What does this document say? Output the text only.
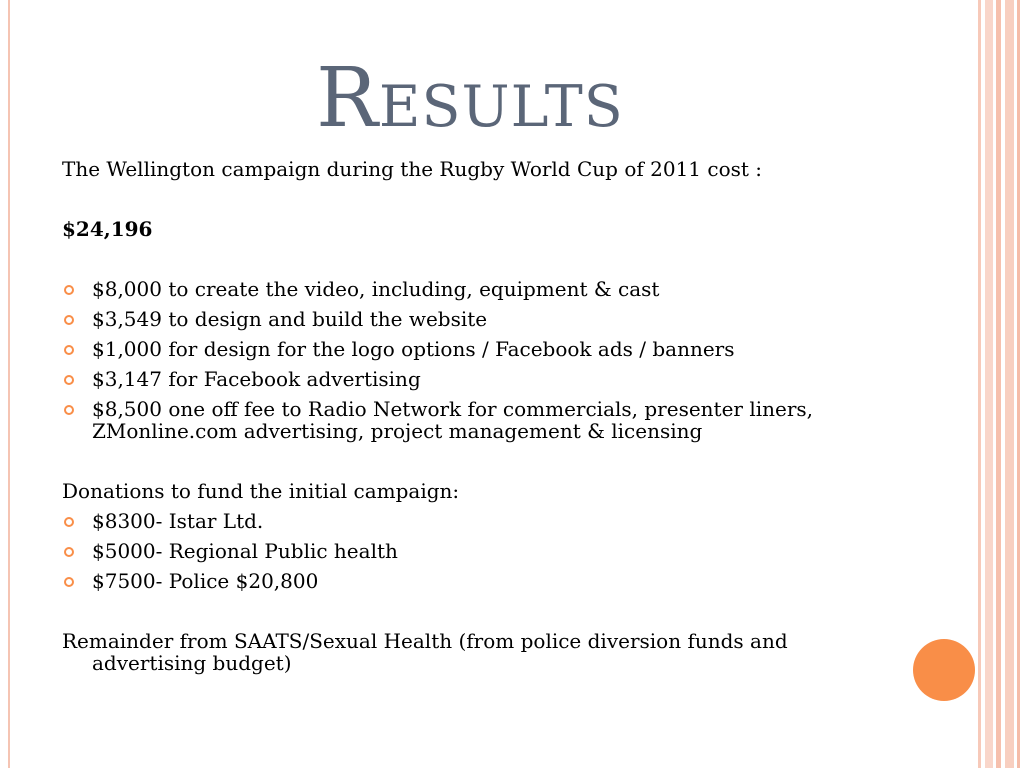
Results

The Wellington campaign during the Rugby World Cup of 2011 cost :

$24,196

$8,000 to create the video, including, equipment & cast
$3,549 to design and build the website
$1,000 for design for the logo options / Facebook ads / banners
$3,147 for Facebook advertising
$8,500 one off fee to Radio Network for commercials, presenter liners, ZMonline.com advertising, project management & licensing

Donations to fund the initial campaign:

$8300- Istar Ltd.
$5000- Regional Public health
$7500- Police $20,800

Remainder from SAATS/Sexual Health (from police diversion funds and advertising budget)
